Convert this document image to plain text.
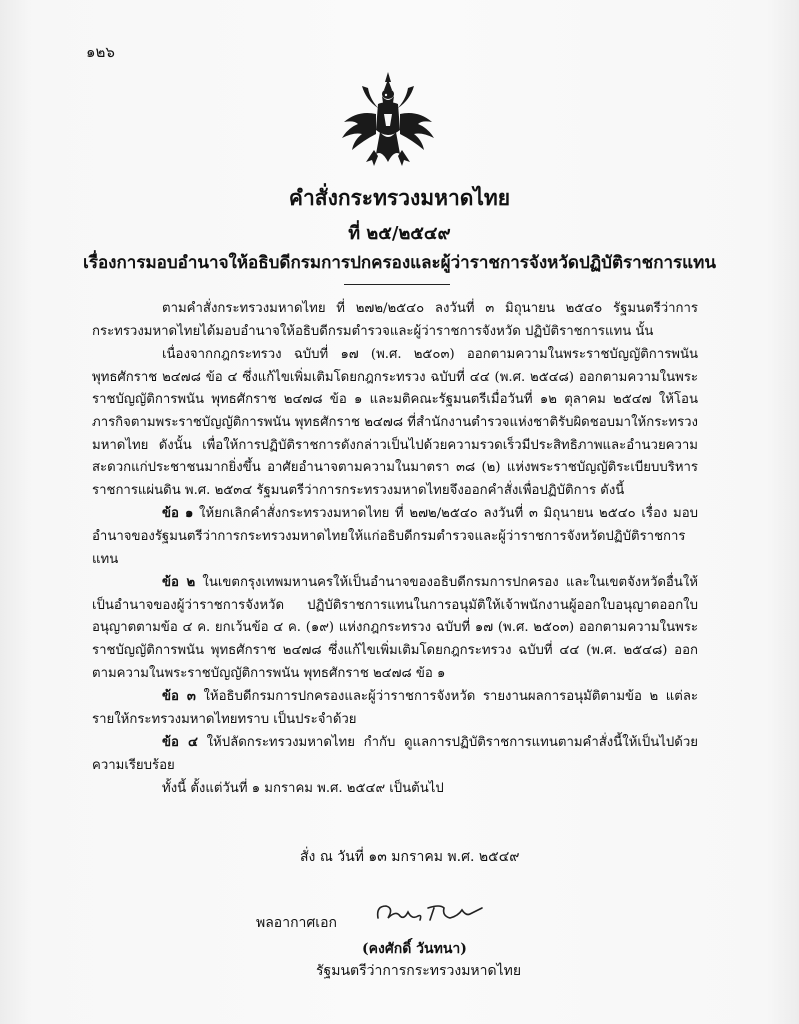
๑๒๖
คำสั่งกระทรวงมหาดไทย
ที่ ๒๕/๒๕๔๙
เรื่องการมอบอำนาจให้อธิบดีกรมการปกครองและผู้ว่าราชการจังหวัดปฏิบัติราชการแทน

ตามคำสั่งกระทรวงมหาดไทย ที่ ๒๗๒/๒๕๔๐ ลงวันที่ ๓ มิถุนายน ๒๕๔๐ รัฐมนตรีว่าการกระทรวงมหาดไทยได้มอบอำนาจให้อธิบดีกรมตำรวจและผู้ว่าราชการจังหวัด ปฏิบัติราชการแทน นั้น

เนื่องจากกฎกระทรวง ฉบับที่ ๑๗ (พ.ศ. ๒๕๐๓) ออกตามความในพระราชบัญญัติการพนัน พุทธศักราช ๒๔๗๘ ข้อ ๔ ซึ่งแก้ไขเพิ่มเติมโดยกฎกระทรวง ฉบับที่ ๔๔ (พ.ศ. ๒๕๔๘) ออกตามความในพระราชบัญญัติการพนัน พุทธศักราช ๒๔๗๘ ข้อ ๑ และมติคณะรัฐมนตรีเมื่อวันที่ ๑๒ ตุลาคม ๒๕๔๗ ให้โอนภารกิจตามพระราชบัญญัติการพนัน พุทธศักราช ๒๔๗๘ ที่สำนักงานตำรวจแห่งชาติรับผิดชอบมาให้กระทรวงมหาดไทย ดังนั้น เพื่อให้การปฏิบัติราชการดังกล่าวเป็นไปด้วยความรวดเร็วมีประสิทธิภาพและอำนวยความสะดวกแก่ประชาชนมากยิ่งขึ้น อาศัยอำนาจตามความในมาตรา ๓๘ (๒) แห่งพระราชบัญญัติระเบียบบริหารราชการแผ่นดิน พ.ศ. ๒๕๓๔ รัฐมนตรีว่าการกระทรวงมหาดไทยจึงออกคำสั่งเพื่อปฏิบัติการ ดังนี้

ข้อ ๑ ให้ยกเลิกคำสั่งกระทรวงมหาดไทย ที่ ๒๗๒/๒๕๔๐ ลงวันที่ ๓ มิถุนายน ๒๕๔๐ เรื่อง มอบอำนาจของรัฐมนตรีว่าการกระทรวงมหาดไทยให้แก่อธิบดีกรมตำรวจและผู้ว่าราชการจังหวัดปฏิบัติราชการแทน

ข้อ ๒ ในเขตกรุงเทพมหานครให้เป็นอำนาจของอธิบดีกรมการปกครอง และในเขตจังหวัดอื่นให้เป็นอำนาจของผู้ว่าราชการจังหวัด ปฏิบัติราชการแทนในการอนุมัติให้เจ้าพนักงานผู้ออกใบอนุญาตออกใบอนุญาตตามข้อ ๔ ค. ยกเว้นข้อ ๔ ค. (๑๙) แห่งกฎกระทรวง ฉบับที่ ๑๗ (พ.ศ. ๒๕๐๓) ออกตามความในพระราชบัญญัติการพนัน พุทธศักราช ๒๔๗๘ ซึ่งแก้ไขเพิ่มเติมโดยกฎกระทรวง ฉบับที่ ๔๔ (พ.ศ. ๒๕๔๘) ออกตามความในพระราชบัญญัติการพนัน พุทธศักราช ๒๔๗๘ ข้อ ๑

ข้อ ๓ ให้อธิบดีกรมการปกครองและผู้ว่าราชการจังหวัด รายงานผลการอนุมัติตามข้อ ๒ แต่ละรายให้กระทรวงมหาดไทยทราบ เป็นประจำด้วย

ข้อ ๔ ให้ปลัดกระทรวงมหาดไทย กำกับ ดูแลการปฏิบัติราชการแทนตามคำสั่งนี้ให้เป็นไปด้วยความเรียบร้อย

ทั้งนี้ ตั้งแต่วันที่ ๑ มกราคม พ.ศ. ๒๕๔๙ เป็นต้นไป

สั่ง ณ วันที่ ๑๓ มกราคม พ.ศ. ๒๕๔๙
พลอากาศเอก
(คงศักดิ์ วันทนา)
รัฐมนตรีว่าการกระทรวงมหาดไทย
